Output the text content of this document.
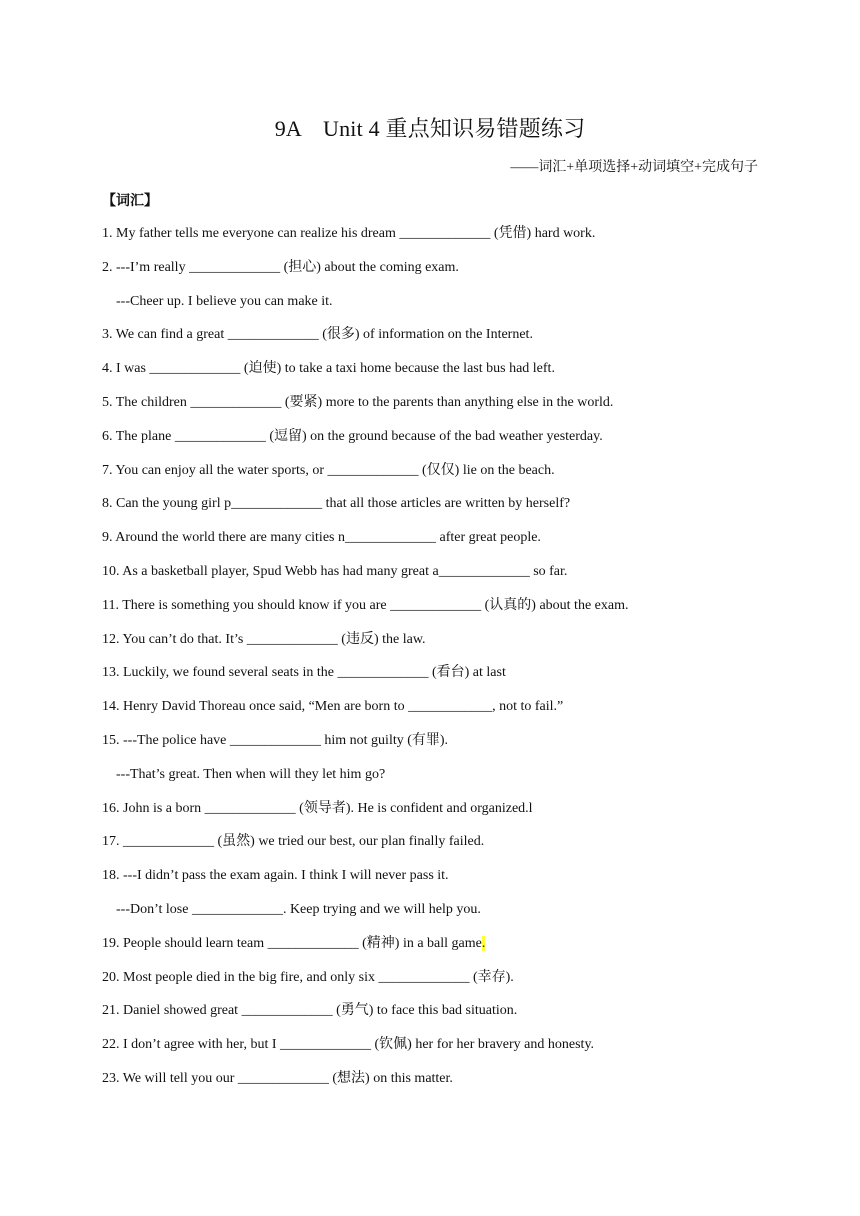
9A　Unit 4 重点知识易错题练习
——词汇+单项选择+动词填空+完成句子
【词汇】
1. My father tells me everyone can realize his dream _____________ (凭借) hard work.
2. ---I’m really _____________ (担心) about the coming exam.
---Cheer up. I believe you can make it.
3. We can find a great _____________ (很多) of information on the Internet.
4. I was _____________ (迫使) to take a taxi home because the last bus had left.
5. The children _____________ (要紧) more to the parents than anything else in the world.
6. The plane _____________ (逗留) on the ground because of the bad weather yesterday.
7. You can enjoy all the water sports, or _____________ (仅仅) lie on the beach.
8. Can the young girl p_____________ that all those articles are written by herself?
9. Around the world there are many cities n_____________ after great people.
10. As a basketball player, Spud Webb has had many great a_____________ so far.
11. There is something you should know if you are _____________ (认真的) about the exam.
12. You can’t do that. It’s _____________ (违反) the law.
13. Luckily, we found several seats in the _____________ (看台) at last
14. Henry David Thoreau once said, “Men are born to ____________, not to fail.”
15. ---The police have _____________ him not guilty (有罪).
---That’s great. Then when will they let him go?
16. John is a born _____________ (领导者). He is confident and organized.l
17. _____________ (虽然) we tried our best, our plan finally failed.
18. ---I didn’t pass the exam again. I think I will never pass it.
---Don’t lose _____________. Keep trying and we will help you.
19. People should learn team _____________ (精神) in a ball game.
20. Most people died in the big fire, and only six _____________ (幸存).
21. Daniel showed great _____________ (勇气) to face this bad situation.
22. I don’t agree with her, but I _____________ (钦佩) her for her bravery and honesty.
23. We will tell you our _____________ (想法) on this matter.
